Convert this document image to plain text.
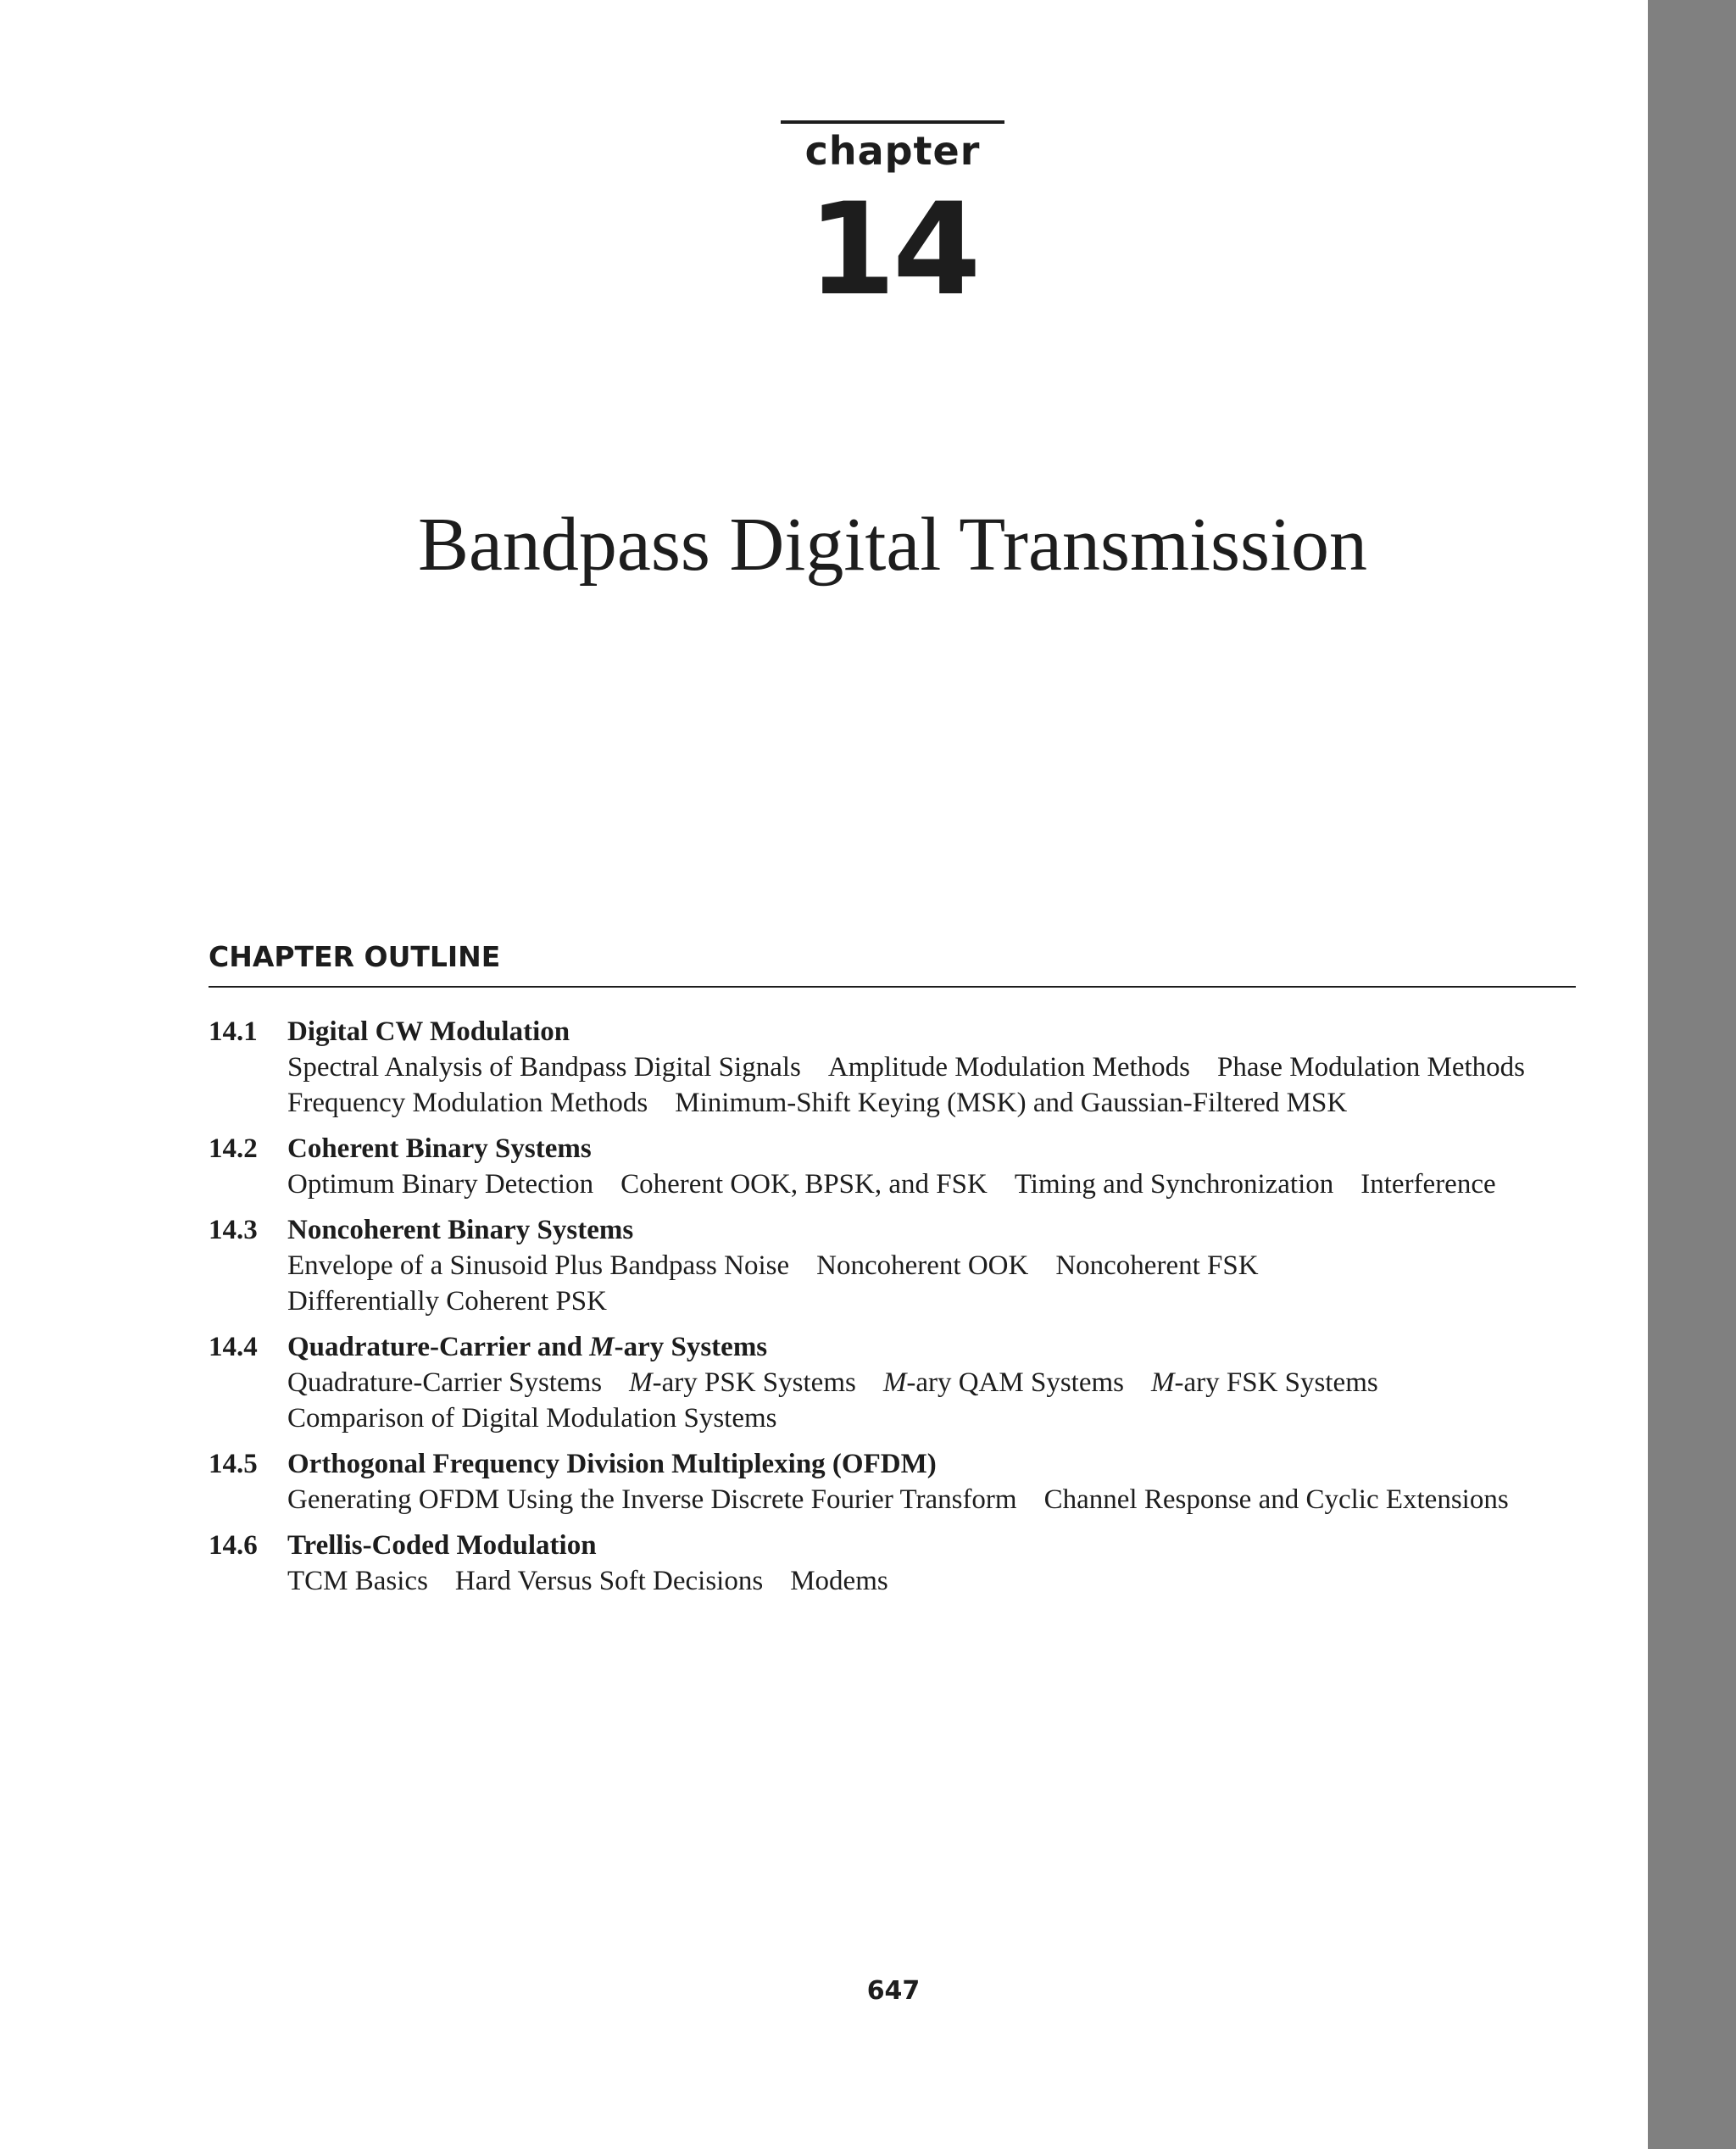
chapter
14
Bandpass Digital Transmission
CHAPTER OUTLINE
14.1 Digital CW Modulation
Spectral Analysis of Bandpass Digital Signals Amplitude Modulation Methods Phase Modulation Methods
Frequency Modulation Methods Minimum-Shift Keying (MSK) and Gaussian-Filtered MSK
14.2 Coherent Binary Systems
Optimum Binary Detection Coherent OOK, BPSK, and FSK Timing and Synchronization Interference
14.3 Noncoherent Binary Systems
Envelope of a Sinusoid Plus Bandpass Noise Noncoherent OOK Noncoherent FSK
Differentially Coherent PSK
14.4 Quadrature-Carrier and M-ary Systems
Quadrature-Carrier Systems M-ary PSK Systems M-ary QAM Systems M-ary FSK Systems
Comparison of Digital Modulation Systems
14.5 Orthogonal Frequency Division Multiplexing (OFDM)
Generating OFDM Using the Inverse Discrete Fourier Transform Channel Response and Cyclic Extensions
14.6 Trellis-Coded Modulation
TCM Basics Hard Versus Soft Decisions Modems
647
